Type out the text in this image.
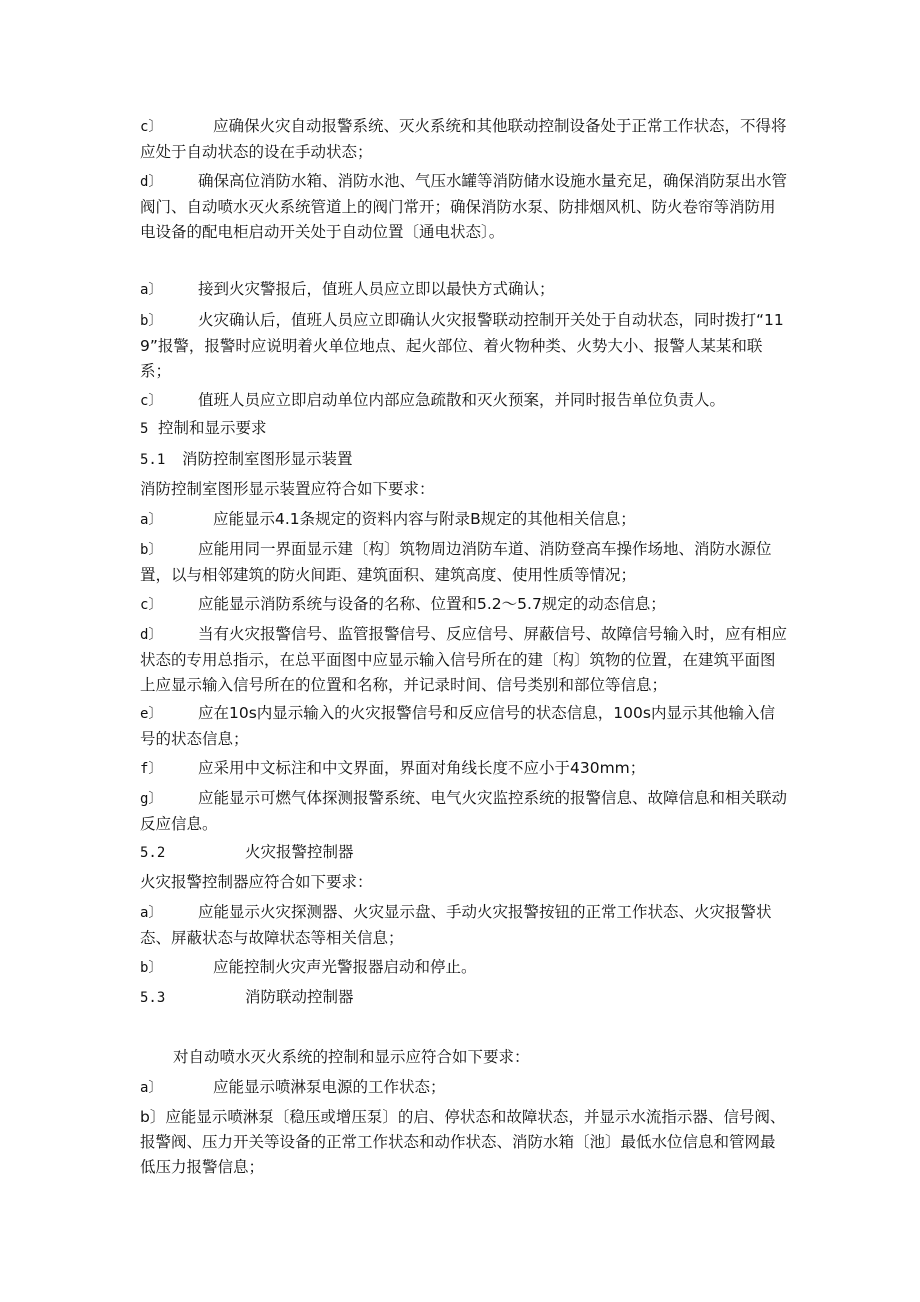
c〕	应确保火灾自动报警系统、灭火系统和其他联动控制设备处于正常工作状态，不得将应处于自动状态的设在手动状态；

d〕 确保高位消防水箱、消防水池、气压水罐等消防储水设施水量充足，确保消防泵出水管阀门、自动喷水灭火系统管道上的阀门常开；确保消防水泵、防排烟风机、防火卷帘等消防用电设备的配电柜启动开关处于自动位置〔通电状态〕。

a〕 接到火灾警报后，值班人员应立即以最快方式确认；

b〕 火灾确认后，值班人员应立即确认火灾报警联动控制开关处于自动状态，同时拨打“119”报警，报警时应说明着火单位地点、起火部位、着火物种类、火势大小、报警人某某和联系；

c〕 值班人员应立即启动单位内部应急疏散和灭火预案，并同时报告单位负责人。

5 控制和显示要求

5.1 消防控制室图形显示装置

消防控制室图形显示装置应符合如下要求：

a〕	应能显示4.1条规定的资料内容与附录B规定的其他相关信息；

b〕 应能用同一界面显示建〔构〕筑物周边消防车道、消防登高车操作场地、消防水源位置，以与相邻建筑的防火间距、建筑面积、建筑高度、使用性质等情况；

c〕 应能显示消防系统与设备的名称、位置和5.2～5.7规定的动态信息；

d〕 当有火灾报警信号、监管报警信号、反应信号、屏蔽信号、故障信号输入时，应有相应状态的专用总指示，在总平面图中应显示输入信号所在的建〔构〕筑物的位置，在建筑平面图上应显示输入信号所在的位置和名称，并记录时间、信号类别和部位等信息；

e〕 应在10s内显示输入的火灾报警信号和反应信号的状态信息，100s内显示其他输入信号的状态信息；

f〕 应采用中文标注和中文界面，界面对角线长度不应小于430mm；

g〕 应能显示可燃气体探测报警系统、电气火灾监控系统的报警信息、故障信息和相关联动反应信息。

5.2	火灾报警控制器

火灾报警控制器应符合如下要求：

a〕 应能显示火灾探测器、火灾显示盘、手动火灾报警按钮的正常工作状态、火灾报警状态、屏蔽状态与故障状态等相关信息；

b〕	应能控制火灾声光警报器启动和停止。

5.3	消防联动控制器

对自动喷水灭火系统的控制和显示应符合如下要求：

a〕	应能显示喷淋泵电源的工作状态；

b〕应能显示喷淋泵〔稳压或增压泵〕的启、停状态和故障状态，并显示水流指示器、信号阀、报警阀、压力开关等设备的正常工作状态和动作状态、消防水箱〔池〕最低水位信息和管网最低压力报警信息；
